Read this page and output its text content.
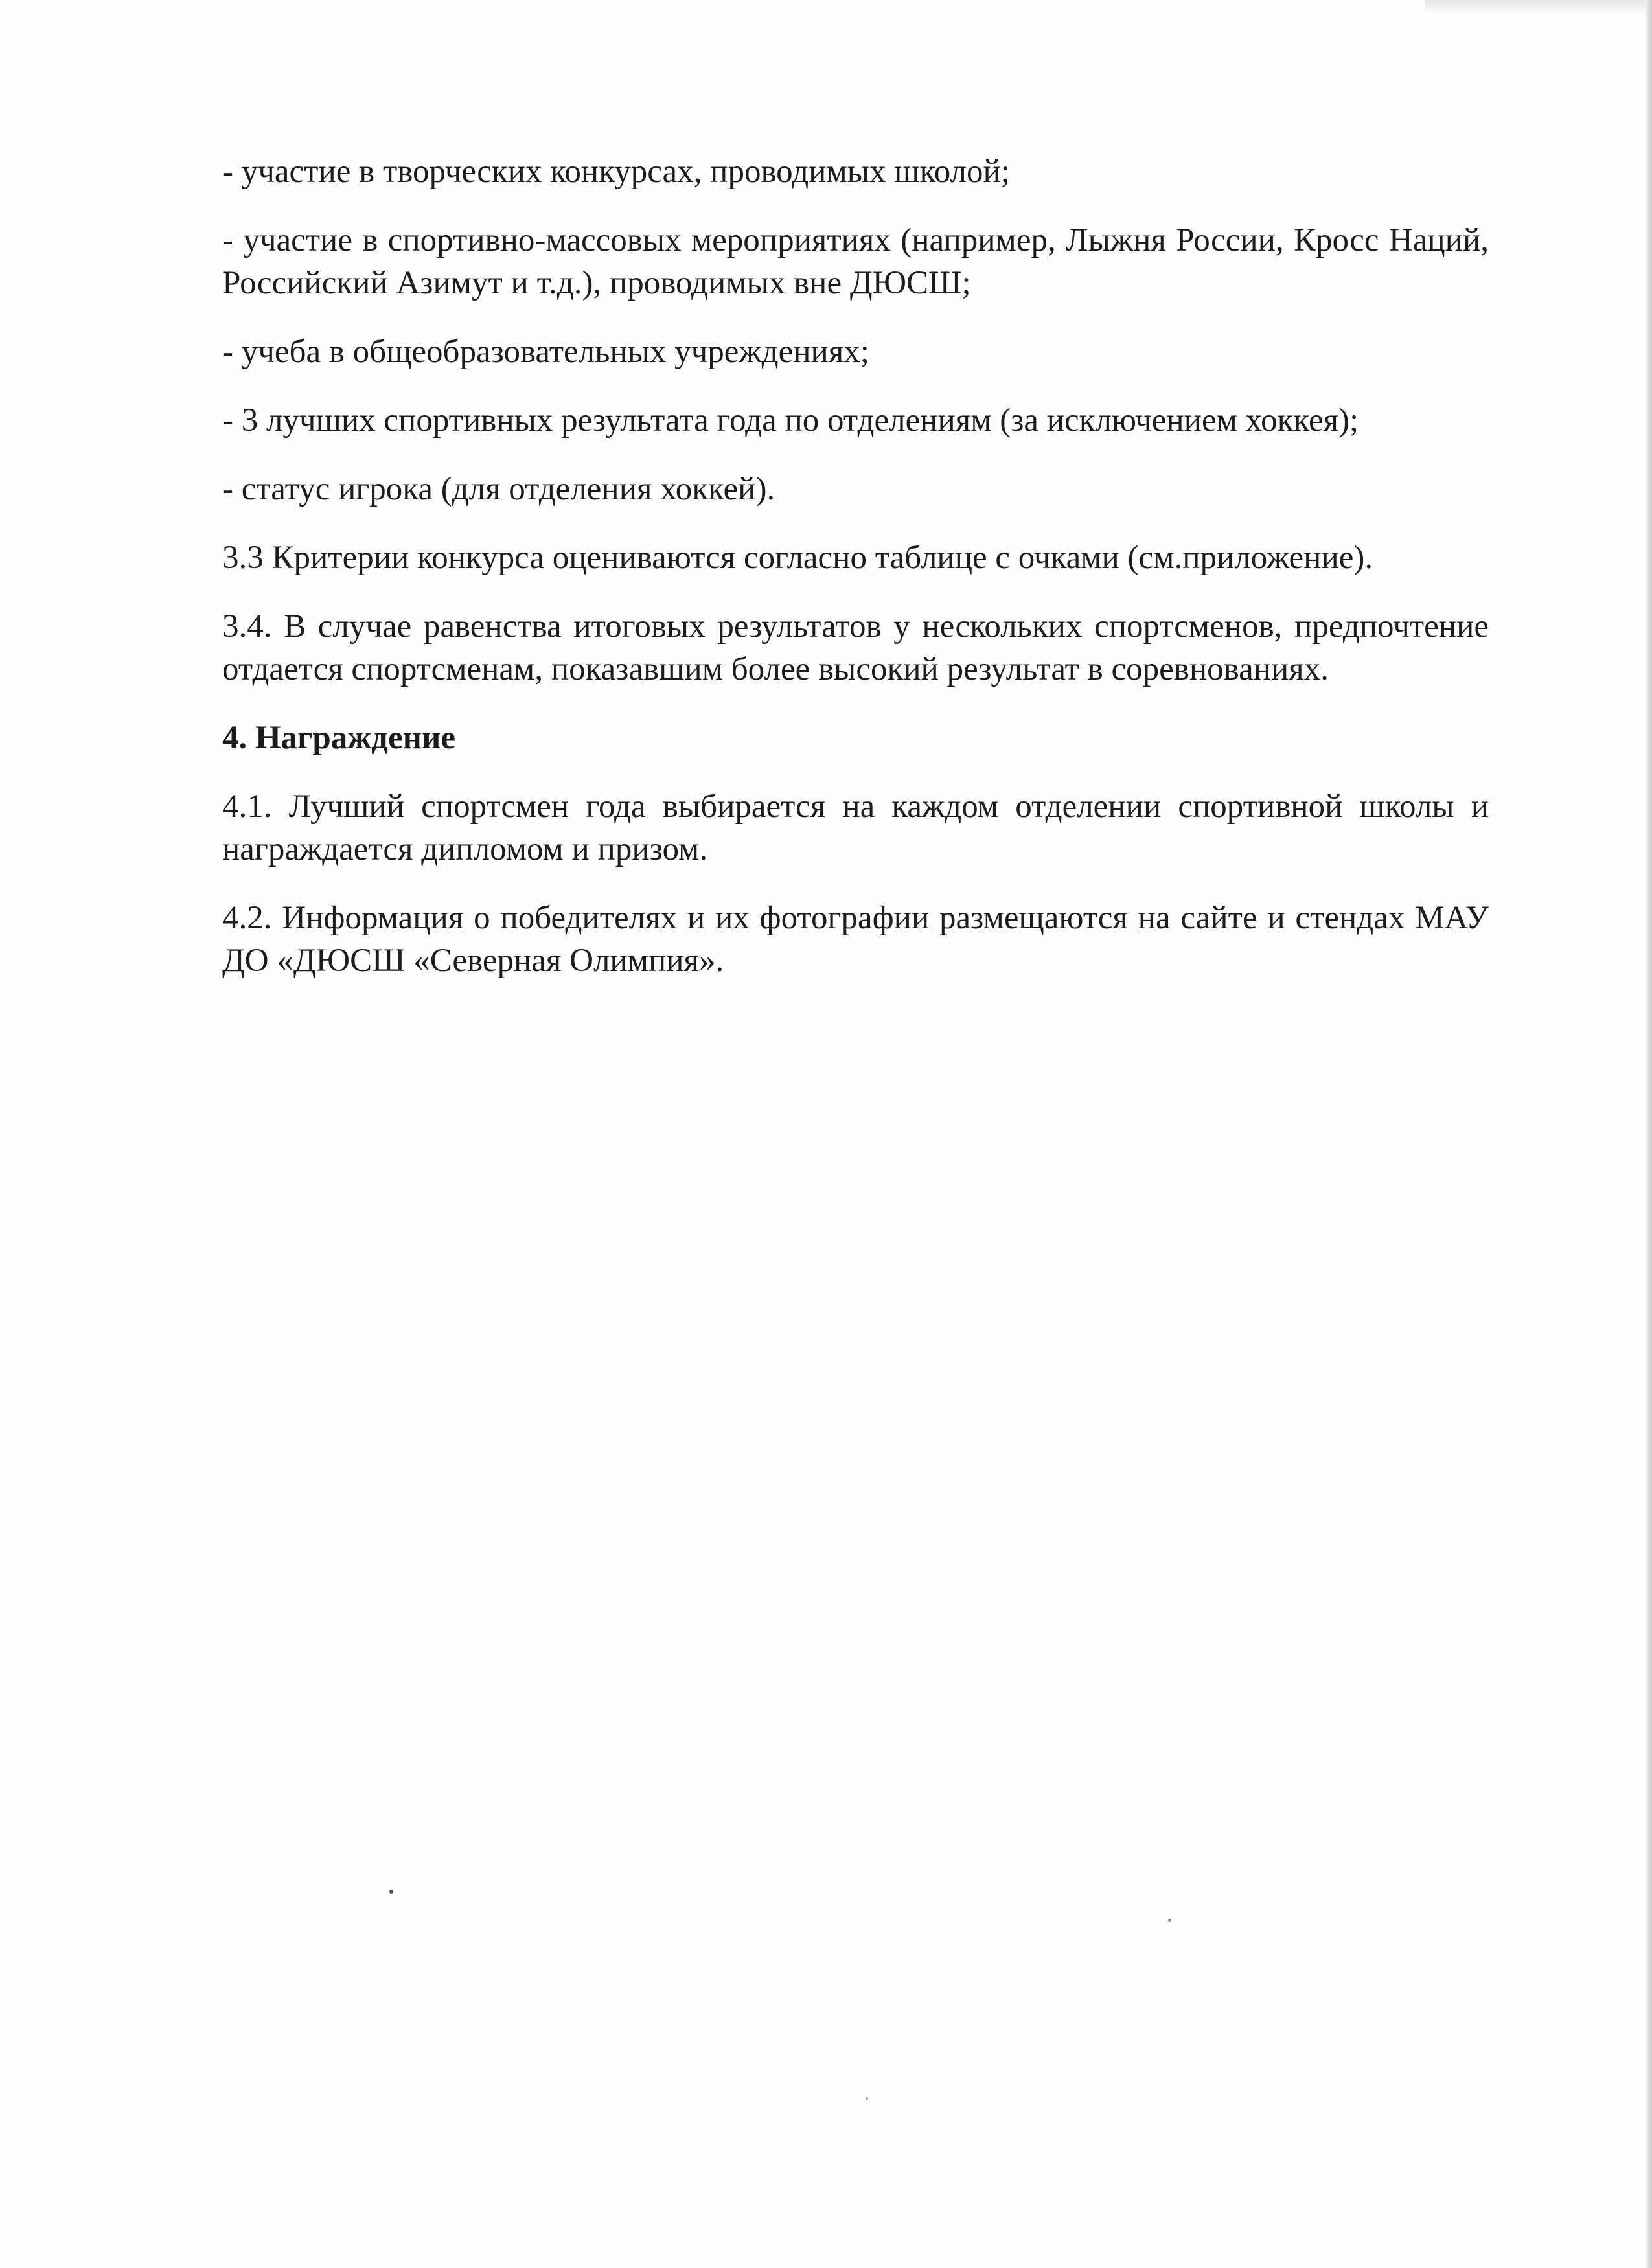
- участие в творческих конкурсах, проводимых школой;

- участие в спортивно-массовых мероприятиях (например, Лыжня России, Кросс Наций, Российский Азимут и т.д.), проводимых вне ДЮСШ;

- учеба в общеобразовательных учреждениях;

- 3 лучших спортивных результата года по отделениям (за исключением хоккея);

- статус игрока (для отделения хоккей).

3.3 Критерии конкурса оцениваются согласно таблице с очками (см.приложение).

3.4. В случае равенства итоговых результатов у нескольких спортсменов, предпочтение отдается спортсменам, показавшим более высокий результат в соревнованиях.

4. Награждение

4.1. Лучший спортсмен года выбирается на каждом отделении спортивной школы и награждается дипломом и призом.

4.2. Информация о победителях и их фотографии размещаются на сайте и стендах МАУ ДО «ДЮСШ «Северная Олимпия».
